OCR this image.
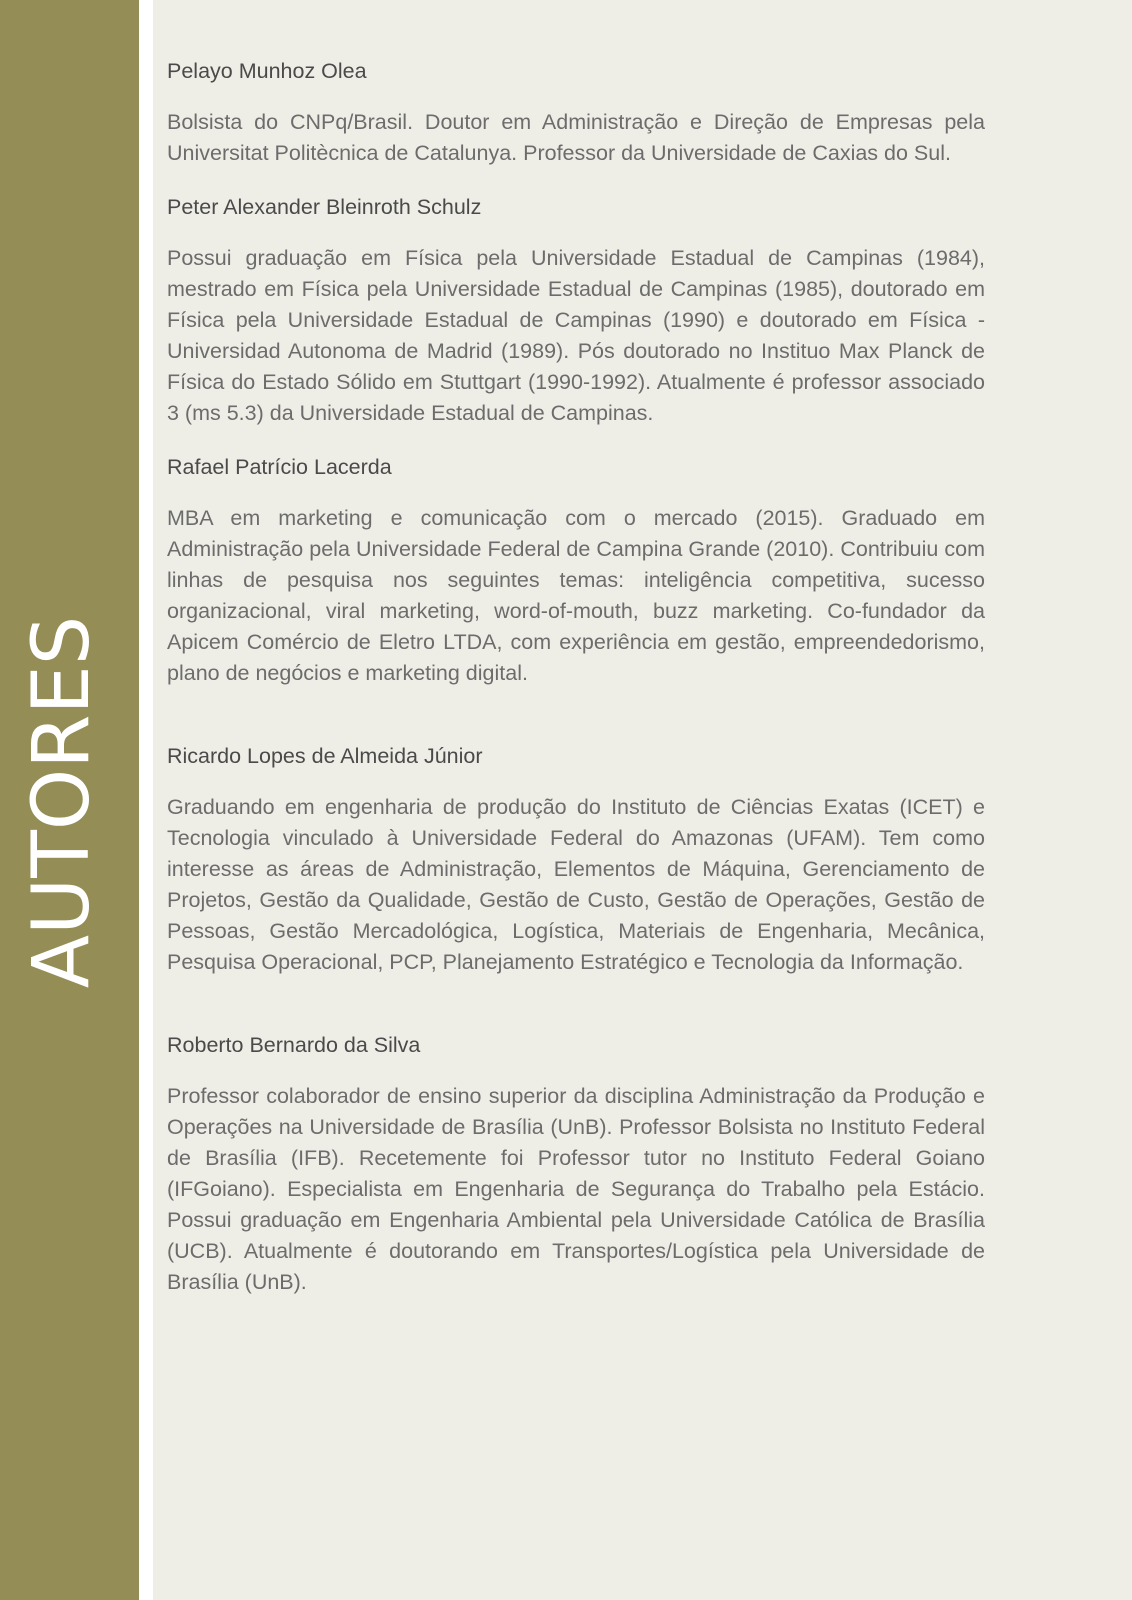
AUTORES

Pelayo Munhoz Olea

Bolsista do CNPq/Brasil. Doutor em Administração e Direção de Empresas pela Universitat Politècnica de Catalunya. Professor da Universidade de Caxias do Sul.

Peter Alexander Bleinroth Schulz

Possui graduação em Física pela Universidade Estadual de Campinas (1984), mestrado em Física pela Universidade Estadual de Campinas (1985), doutorado em Física pela Universidade Estadual de Campinas (1990) e doutorado em Física - Universidad Autonoma de Madrid (1989). Pós doutorado no Instituo Max Planck de Física do Estado Sólido em Stuttgart (1990-1992). Atualmente é professor associado 3 (ms 5.3) da Universidade Estadual de Campinas.

Rafael Patrício Lacerda

MBA em marketing e comunicação com o mercado (2015). Graduado em Administração pela Universidade Federal de Campina Grande (2010). Contribuiu com linhas de pesquisa nos seguintes temas: inteligência competitiva, sucesso organizacional, viral marketing, word-of-mouth, buzz marketing. Co-fundador da Apicem Comércio de Eletro LTDA, com experiência em gestão, empreendedorismo, plano de negócios e marketing digital.

Ricardo Lopes de Almeida Júnior

Graduando em engenharia de produção do Instituto de Ciências Exatas (ICET) e Tecnologia vinculado à Universidade Federal do Amazonas (UFAM). Tem como interesse as áreas de Administração, Elementos de Máquina, Gerenciamento de Projetos, Gestão da Qualidade, Gestão de Custo, Gestão de Operações, Gestão de Pessoas, Gestão Mercadológica, Logística, Materiais de Engenharia, Mecânica, Pesquisa Operacional, PCP, Planejamento Estratégico e Tecnologia da Informação.

Roberto Bernardo da Silva

Professor colaborador de ensino superior da disciplina Administração da Produção e Operações na Universidade de Brasília (UnB). Professor Bolsista no Instituto Federal de Brasília (IFB). Recetemente foi Professor tutor no Instituto Federal Goiano (IFGoiano). Especialista em Engenharia de Segurança do Trabalho pela Estácio. Possui graduação em Engenharia Ambiental pela Universidade Católica de Brasília (UCB). Atualmente é doutorando em Transportes/Logística pela Universidade de Brasília (UnB).
